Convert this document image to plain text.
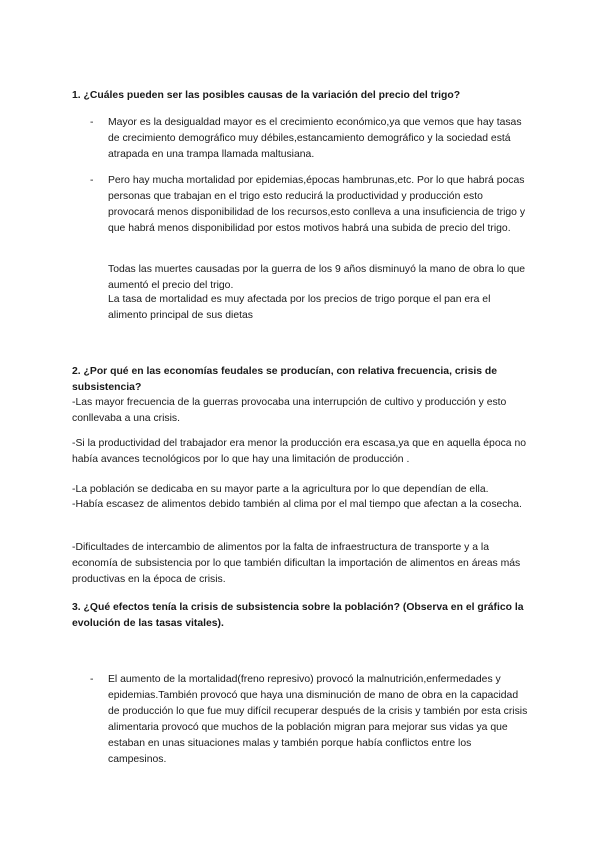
1. ¿Cuáles pueden ser las posibles causas de la variación del precio del trigo?

- Mayor es la desigualdad mayor es el crecimiento económico,ya que vemos que hay tasas de crecimiento demográfico muy débiles,estancamiento demográfico y la sociedad está atrapada en una trampa llamada maltusiana.
- Pero hay mucha mortalidad por epidemias,épocas hambrunas,etc. Por lo que habrá pocas personas que trabajan en el trigo esto reducirá la productividad y producción esto provocará menos disponibilidad de los recursos,esto conlleva a una insuficiencia de trigo y que habrá menos disponibilidad por estos motivos habrá una subida de precio del trigo.

Todas las muertes causadas por la guerra de los 9 años disminuyó la mano de obra lo que aumentó el precio del trigo.

La tasa de mortalidad es muy afectada por los precios de trigo porque el pan era el alimento principal de sus dietas

2. ¿Por qué en las economías feudales se producían, con relativa frecuencia, crisis de subsistencia?

-Las mayor frecuencia de la guerras provocaba una interrupción de cultivo y producción y esto conllevaba a una crisis.

-Si la productividad del trabajador era menor la producción era escasa,ya que en aquella época no había avances tecnológicos por lo que hay una limitación de producción .

-La población se dedicaba en su mayor parte a la agricultura por lo que dependían de ella.

-Había escasez de alimentos debido también al clima por el mal tiempo que afectan a la cosecha.

-Dificultades de intercambio de alimentos por la falta de infraestructura de transporte y a la economía de subsistencia por lo que también dificultan la importación de alimentos en áreas más productivas en la época de crisis.

3. ¿Qué efectos tenía la crisis de subsistencia sobre la población? (Observa en el gráfico la evolución de las tasas vitales).

- El aumento de la mortalidad(freno represivo) provocó la malnutrición,enfermedades y epidemias.También provocó que haya una disminución de mano de obra en la capacidad de producción lo que fue muy difícil recuperar después de la crisis y también por esta crisis alimentaria provocó que muchos de la población migran para mejorar sus vidas ya que estaban en unas situaciones malas y también porque había conflictos entre los campesinos.
